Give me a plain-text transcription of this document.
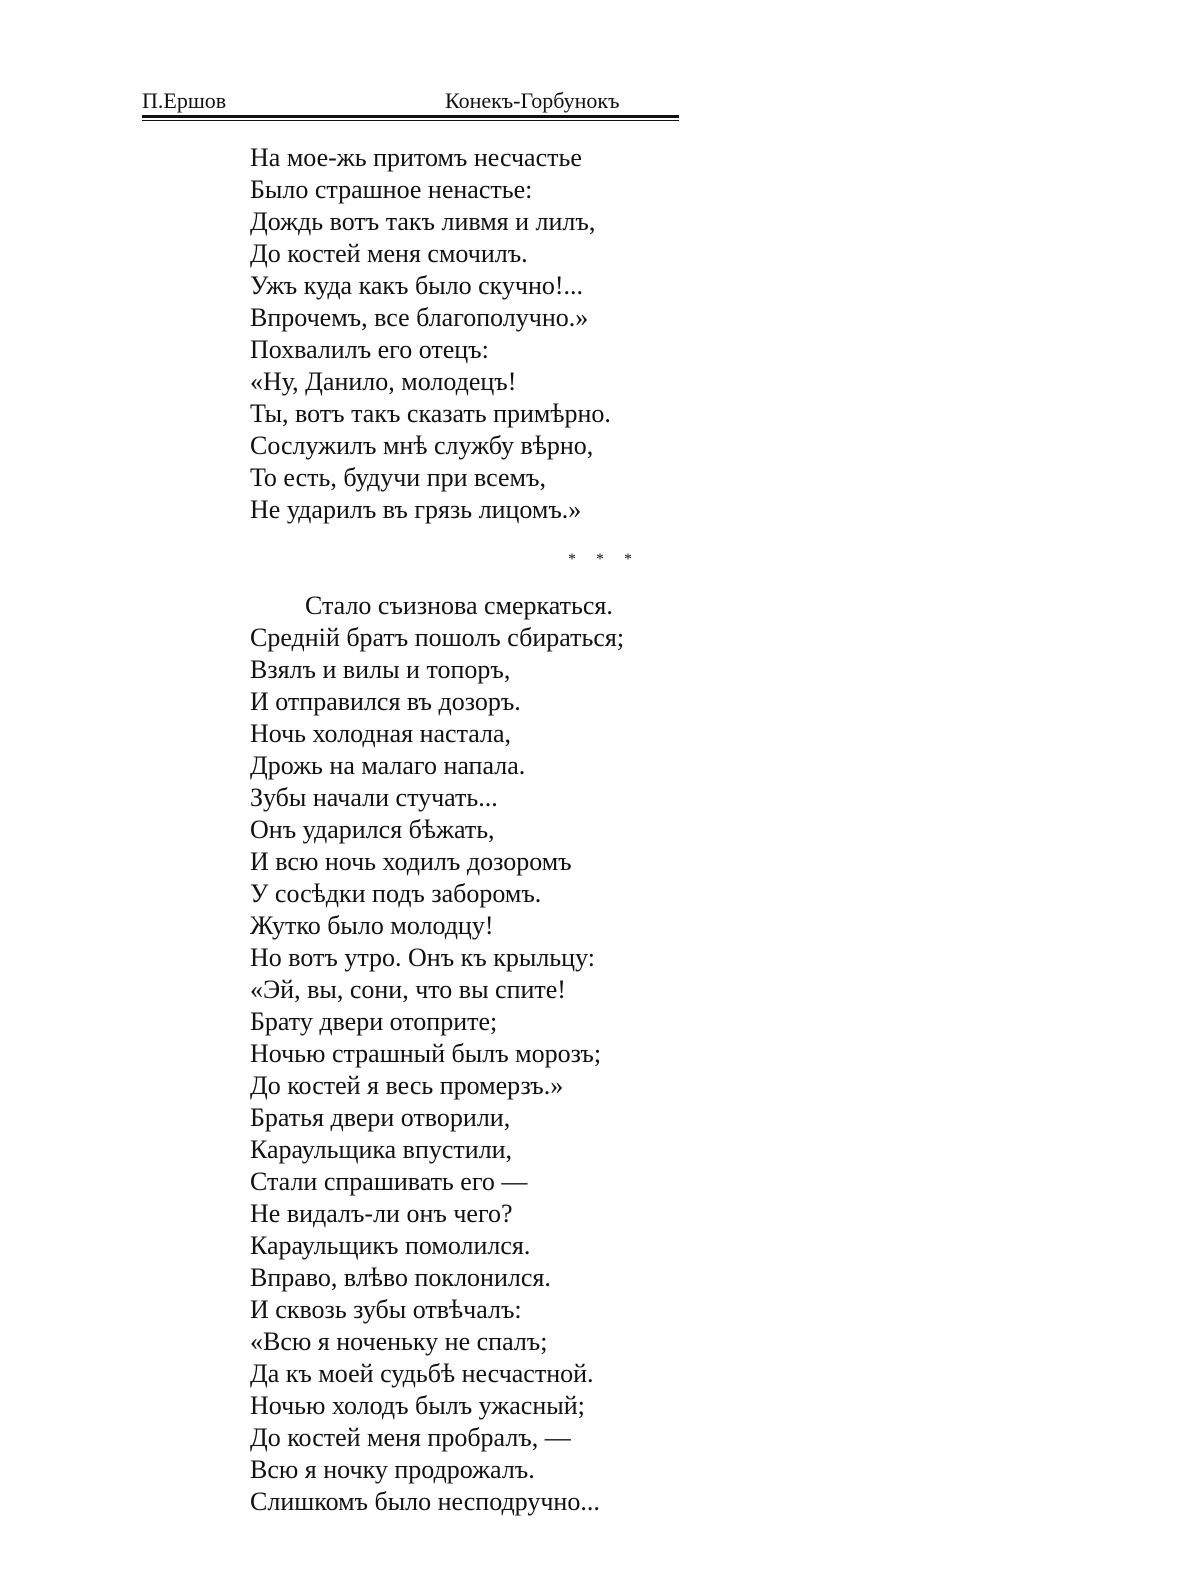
П.Ершов	Конекъ-Горбунокъ
На мое-жь притомъ несчастье
Было страшное ненастье:
Дождь вотъ такъ ливмя и лилъ,
До костей меня смочилъ.
Ужъ куда какъ было скучно!...
Впрочемъ, все благополучно.»
Похвалилъ его отецъ:
«Ну, Данило, молодецъ!
Ты, вотъ такъ сказать примѣрно.
Сослужилъ мнѣ службу вѣрно,
То есть, будучи при всемъ,
Не ударилъ въ грязь лицомъ.»
* * *
Стало съизнова смеркаться.
Среднiй братъ пошолъ сбираться;
Взялъ и вилы и топоръ,
И отправился въ дозоръ.
Ночь холодная настала,
Дрожь на малаго напала.
Зубы начали стучать...
Онъ ударился бѣжать,
И всю ночь ходилъ дозоромъ
У сосѣдки подъ заборомъ.
Жутко было молодцу!
Но вотъ утро. Онъ къ крыльцу:
«Эй, вы, сони, что вы спите!
Брату двери отоприте;
Ночью страшный былъ морозъ;
До костей я весь промерзъ.»
Братья двери отворили,
Караульщика впустили,
Стали спрашивать его —
Не видалъ-ли онъ чего?
Караульщикъ помолился.
Вправо, влѣво поклонился.
И сквозь зубы отвѣчалъ:
«Всю я ноченьку не спалъ;
Да къ моей судьбѣ несчастной.
Ночью холодъ былъ ужасный;
До костей меня пробралъ, —
Всю я ночку продрожалъ.
Слишкомъ было несподручно...
